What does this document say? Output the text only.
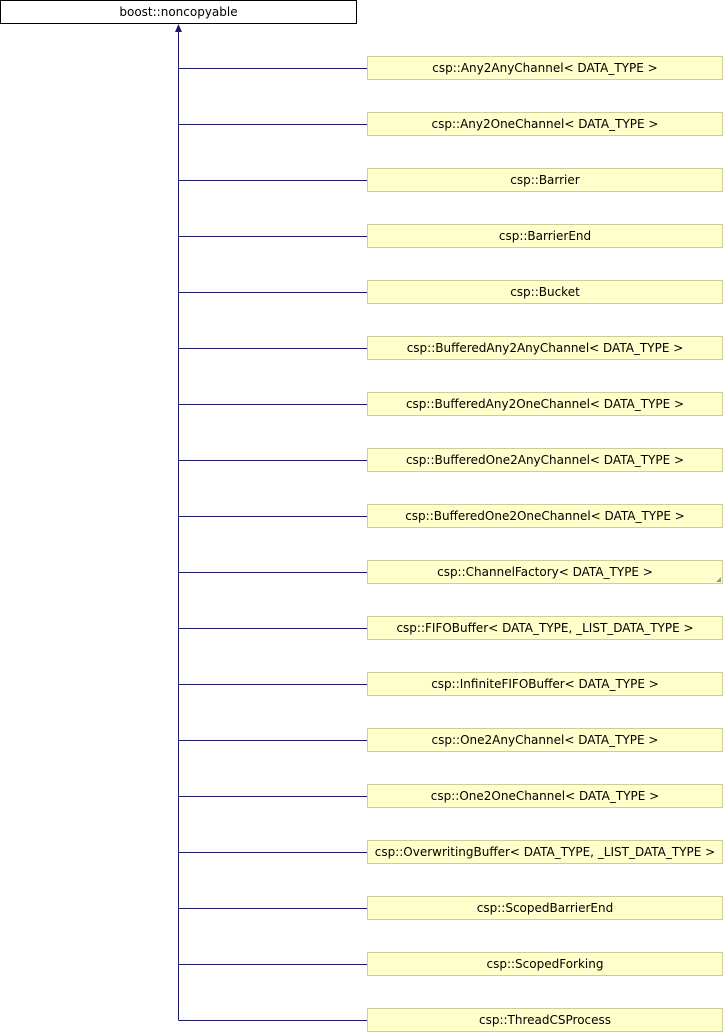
boost::noncopyable
csp::Any2AnyChannel< DATA_TYPE >
csp::Any2OneChannel< DATA_TYPE >
csp::Barrier
csp::BarrierEnd
csp::Bucket
csp::BufferedAny2AnyChannel< DATA_TYPE >
csp::BufferedAny2OneChannel< DATA_TYPE >
csp::BufferedOne2AnyChannel< DATA_TYPE >
csp::BufferedOne2OneChannel< DATA_TYPE >
csp::ChannelFactory< DATA_TYPE >
csp::FIFOBuffer< DATA_TYPE, _LIST_DATA_TYPE >
csp::InfiniteFIFOBuffer< DATA_TYPE >
csp::One2AnyChannel< DATA_TYPE >
csp::One2OneChannel< DATA_TYPE >
csp::OverwritingBuffer< DATA_TYPE, _LIST_DATA_TYPE >
csp::ScopedBarrierEnd
csp::ScopedForking
csp::ThreadCSProcess
